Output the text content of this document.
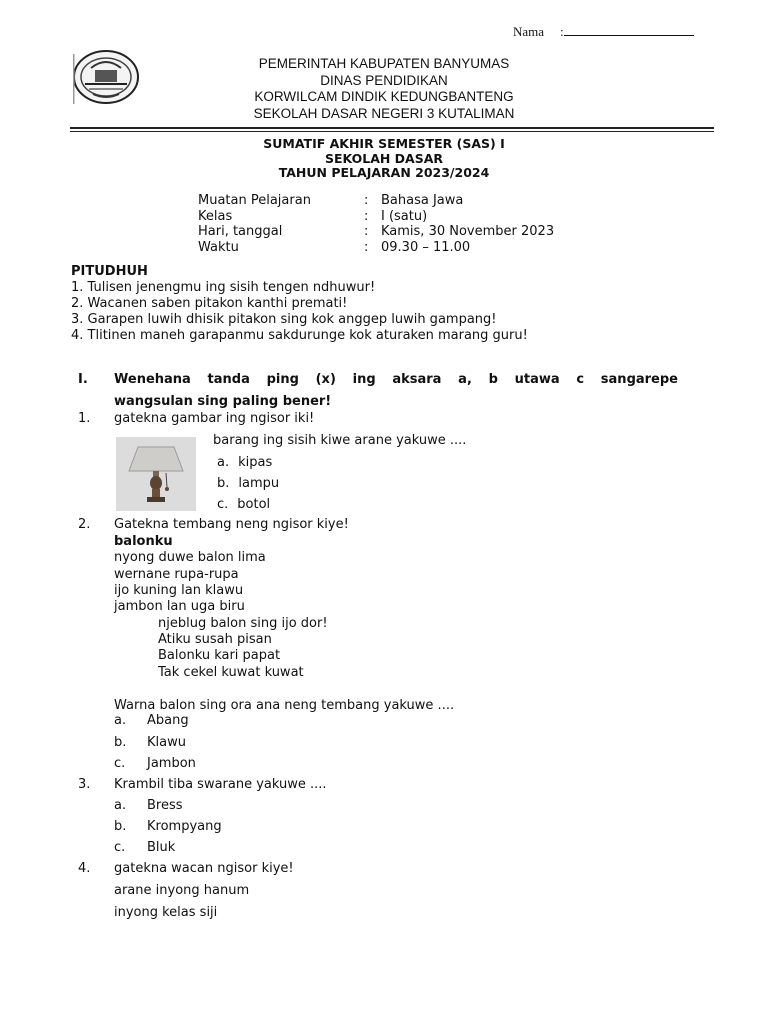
Nama :
PEMERINTAH KABUPATEN BANYUMAS
DINAS PENDIDIKAN
KORWILCAM DINDIK KEDUNGBANTENG
SEKOLAH DASAR NEGERI 3 KUTALIMAN
SUMATIF AKHIR SEMESTER (SAS) I
SEKOLAH DASAR
TAHUN PELAJARAN 2023/2024
Muatan Pelajaran	: Bahasa Jawa
Kelas	: I (satu)
Hari, tanggal	: Kamis, 30 November 2023
Waktu	: 09.30 – 11.00
PITUDHUH
1. Tulisen jenengmu ing sisih tengen ndhuwur!
2. Wacanen saben pitakon kanthi premati!
3. Garapen luwih dhisik pitakon sing kok anggep luwih gampang!
4. Tlitinen maneh garapanmu sakdurunge kok aturaken marang guru!
I. Wenehana tanda ping (x) ing aksara a, b utawa c sangarepe
wangsulan sing paling bener!
1. gatekna gambar ing ngisor iki!
barang ing sisih kiwe arane yakuwe ....
a. kipas
b. lampu
c. botol
2. Gatekna tembang neng ngisor kiye!
balonku
nyong duwe balon lima
wernane rupa-rupa
ijo kuning lan klawu
jambon lan uga biru
njeblug balon sing ijo dor!
Atiku susah pisan
Balonku kari papat
Tak cekel kuwat kuwat
Warna balon sing ora ana neng tembang yakuwe ....
a. Abang
b. Klawu
c. Jambon
3. Krambil tiba swarane yakuwe ....
a. Bress
b. Krompyang
c. Bluk
4. gatekna wacan ngisor kiye!
arane inyong hanum
inyong kelas siji
